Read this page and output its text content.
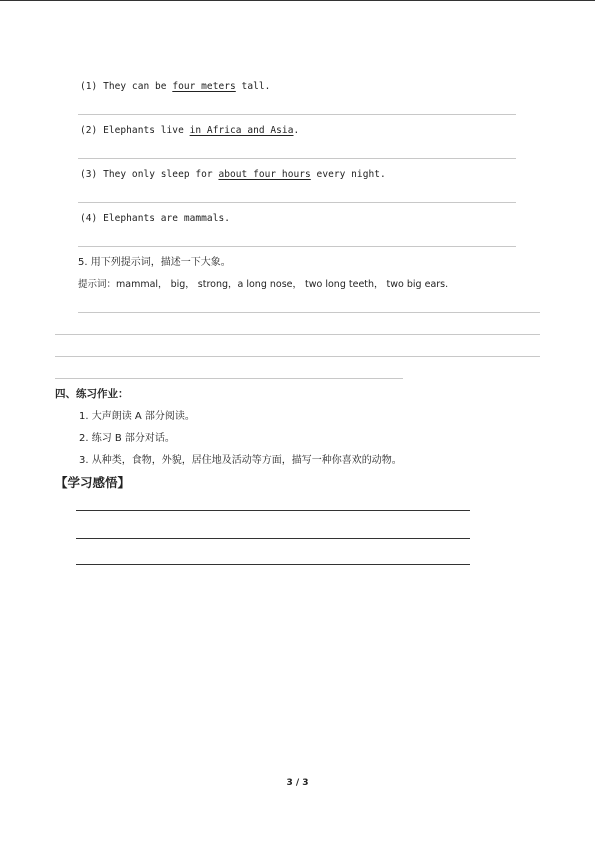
(1) They can be four meters tall.
(2) Elephants live in Africa and Asia.
(3) They only sleep for about four hours every night.
(4) Elephants are mammals.
5. 用下列提示词，描述一下大象。
提示词：mammal， big， strong，a long nose， two long teeth， two big ears.
四、练习作业：
1. 大声朗读 A 部分阅读。
2. 练习 B 部分对话。
3. 从种类，食物，外貌，居住地及活动等方面，描写一种你喜欢的动物。
【学习感悟】
3 / 3
